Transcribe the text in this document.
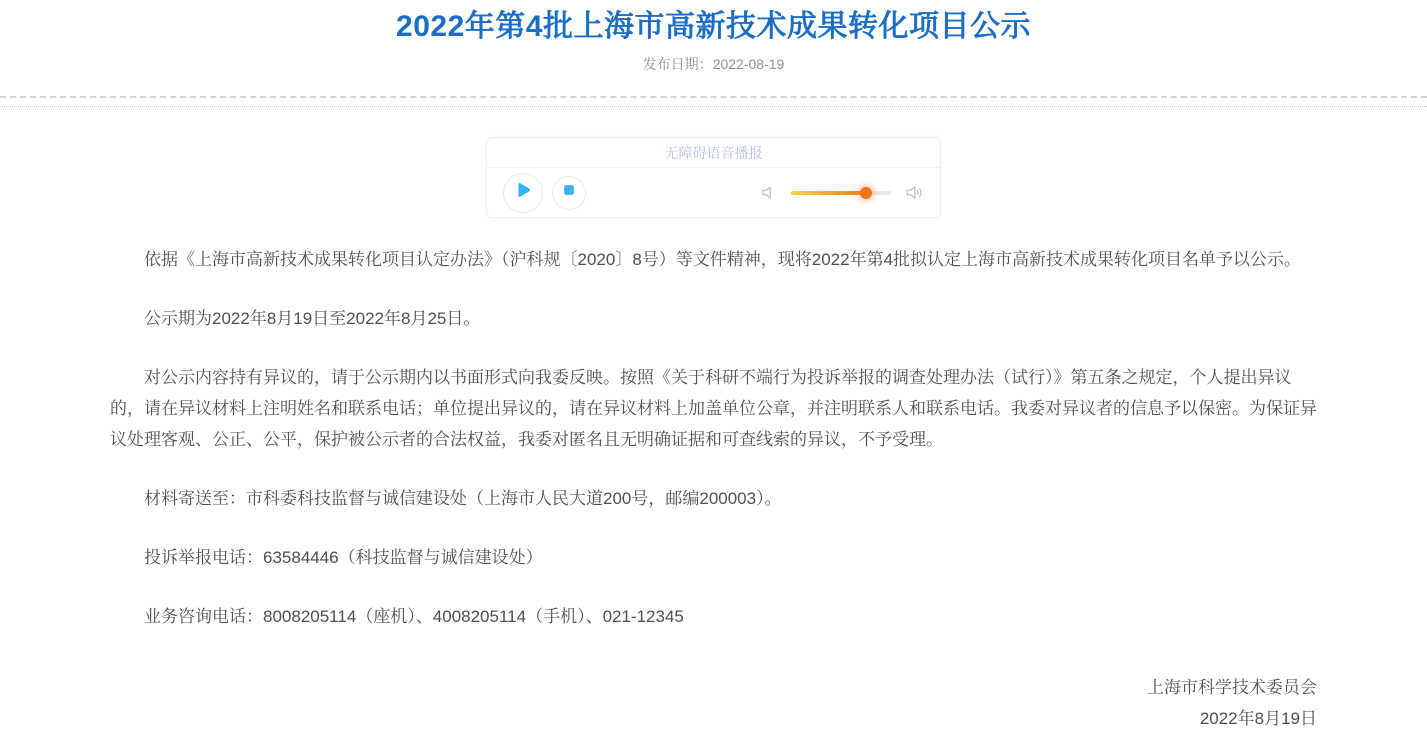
2022年第4批上海市高新技术成果转化项目公示
发布日期：2022-08-19
无障碍语音播报

依据《上海市高新技术成果转化项目认定办法》（沪科规〔2020〕8号）等文件精神，现将2022年第4批拟认定上海市高新技术成果转化项目名单予以公示。

公示期为2022年8月19日至2022年8月25日。

对公示内容持有异议的，请于公示期内以书面形式向我委反映。按照《关于科研不端行为投诉举报的调查处理办法（试行）》第五条之规定，个人提出异议的，请在异议材料上注明姓名和联系电话；单位提出异议的，请在异议材料上加盖单位公章，并注明联系人和联系电话。我委对异议者的信息予以保密。为保证异议处理客观、公正、公平，保护被公示者的合法权益，我委对匿名且无明确证据和可查线索的异议，不予受理。

材料寄送至：市科委科技监督与诚信建设处（上海市人民大道200号，邮编200003）。

投诉举报电话：63584446（科技监督与诚信建设处）

业务咨询电话：8008205114（座机）、4008205114（手机）、021-12345

上海市科学技术委员会
2022年8月19日
